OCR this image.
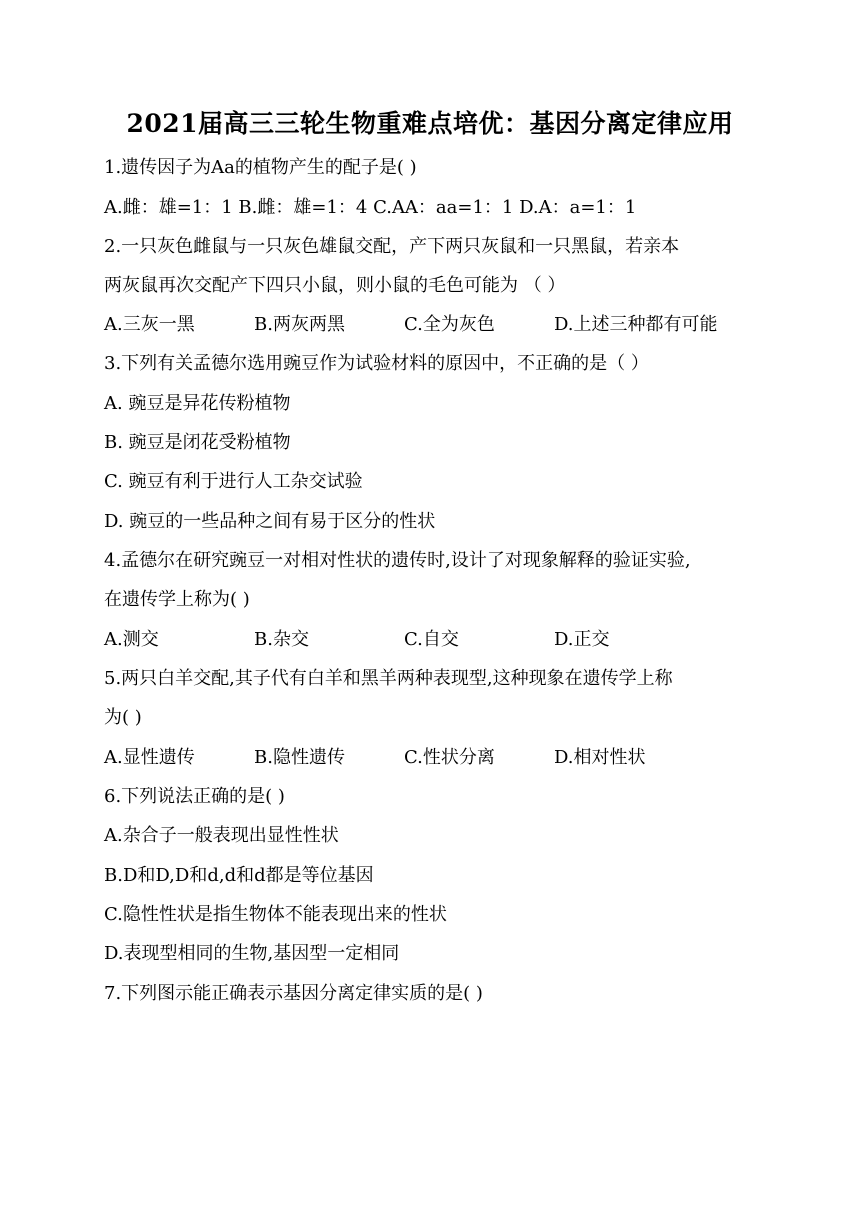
2021届高三三轮生物重难点培优：基因分离定律应用
1.遗传因子为Aa的植物产生的配子是( )
A.雌：雄=1：1 B.雌：雄=1：4 C.AA：aa=1：1 D.A：a=1：1
2.一只灰色雌鼠与一只灰色雄鼠交配，产下两只灰鼠和一只黑鼠，若亲本
两灰鼠再次交配产下四只小鼠，则小鼠的毛色可能为 （ ）
A.三灰一黑	B.两灰两黑	C.全为灰色	D.上述三种都有可能
3.下列有关孟德尔选用豌豆作为试验材料的原因中，不正确的是（ ）
A. 豌豆是异花传粉植物
B. 豌豆是闭花受粉植物
C. 豌豆有利于进行人工杂交试验
D. 豌豆的一些品种之间有易于区分的性状
4.孟德尔在研究豌豆一对相对性状的遗传时,设计了对现象解释的验证实验,
在遗传学上称为( )
A.测交	B.杂交	C.自交	D.正交
5.两只白羊交配,其子代有白羊和黑羊两种表现型,这种现象在遗传学上称
为( )
A.显性遗传	B.隐性遗传	C.性状分离	D.相对性状
6.下列说法正确的是( )
A.杂合子一般表现出显性性状
B.D和D,D和d,d和d都是等位基因
C.隐性性状是指生物体不能表现出来的性状
D.表现型相同的生物,基因型一定相同
7.下列图示能正确表示基因分离定律实质的是( )
